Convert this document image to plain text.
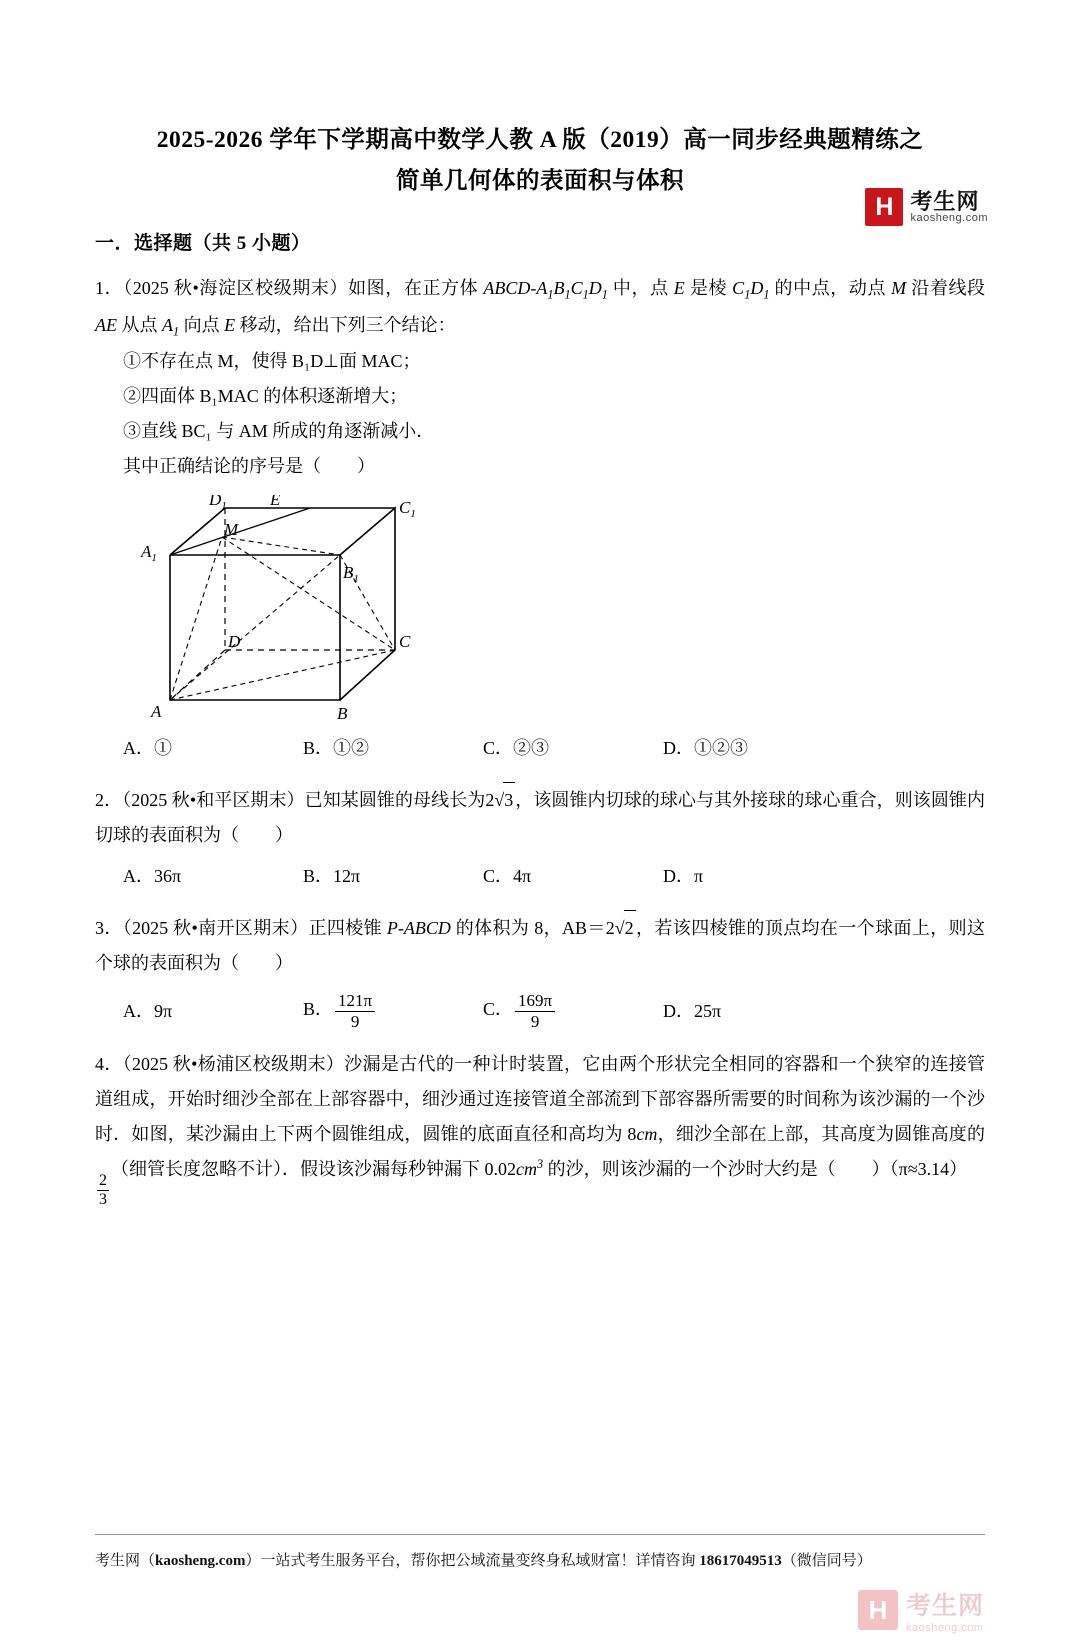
H 考生网
kaosheng.com
2025-2026 学年下学期高中数学人教 A 版（2019）高一同步经典题精练之
简单几何体的表面积与体积
一．选择题（共 5 小题）
1．（2025 秋•海淀区校级期末）如图，在正方体 $ABCD‑A_1B_1C_1D_1$ 中，点 E 是棱 $C_1D_1$ 的中点，动点 M 沿着线段 AE 从点 $A_1$ 向点 E 移动，给出下列三个结论：
①不存在点 M，使得 B₁D⊥面 MAC；
②四面体 B₁MAC 的体积逐渐增大；
③直线 BC₁ 与 AM 所成的角逐渐减小．
其中正确结论的序号是（　　）
$D_1$	E	$C_1$
M
$A_1$
$B_1$
D	C
A	B
A．①	B．①②	C．②③	D．①②③
2．（2025 秋•和平区期末）已知某圆锥的母线长为2√3 ，该圆锥内切球的球心与其外接球的球心重合，则该圆锥内切球的表面积为（　　）
A．36π	B．12π	C．4π	D．π
3．（2025 秋•南开区期末）正四棱锥 P‑ABCD 的体积为 8，AB＝2√2 ，若该四棱锥的顶点均在一个球面上，则这个球的表面积为（　　）
A．9π	B． $\frac{121\pi}{9}$	C． $\frac{169\pi}{9}$	D．25π
4．（2025 秋•杨浦区校级期末）沙漏是古代的一种计时装置，它由两个形状完全相同的容器和一个狭窄的连接管道组成，开始时细沙全部在上部容器中，细沙通过连接管道全部流到下部容器所需要的时间称为该沙漏的一个沙时．如图，某沙漏由上下两个圆锥组成，圆锥的底面直径和高均为 8cm，细沙全部在上部，其高度为圆锥高度的
$\frac{2}{3}$
（细管长度忽略不计）．假设该沙漏每秒钟漏下 $0.02cm^3$ 的沙，则该沙漏的一个沙时大约是（　　）（π≈3.14）
考生网（kaosheng.com）一站式考生服务平台，帮你把公域流量变终身私域财富！详情咨询 18617049513（微信同号）
H 考生网
kaosheng.com
